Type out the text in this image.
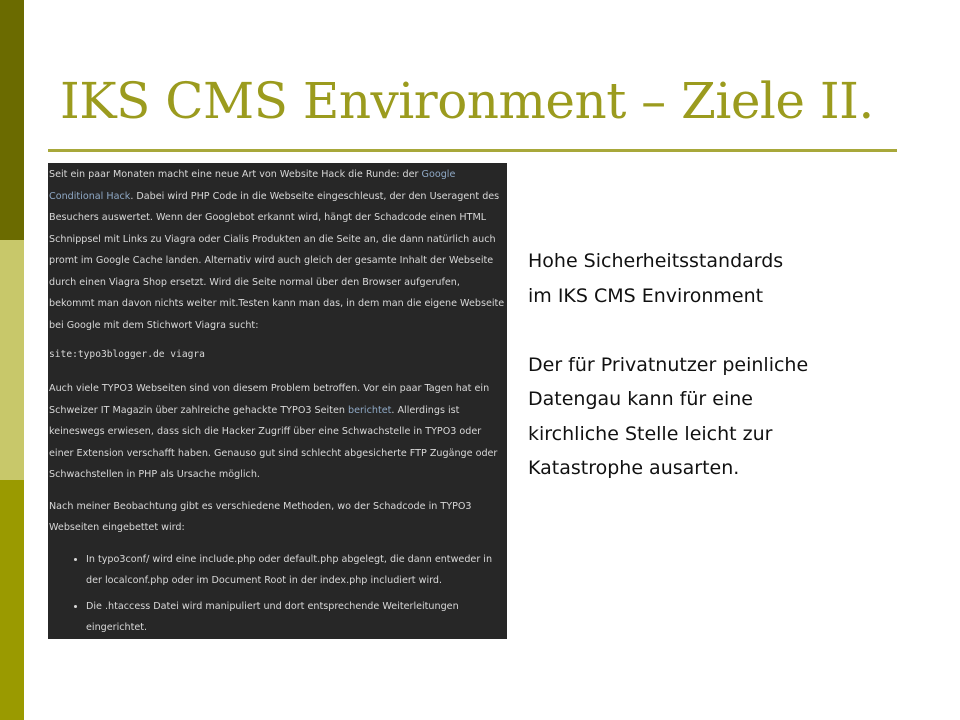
IKS CMS Environment – Ziele II.

Seit ein paar Monaten macht eine neue Art von Website Hack die Runde: der Google Conditional Hack. Dabei wird PHP Code in die Webseite eingeschleust, der den Useragent des Besuchers auswertet. Wenn der Googlebot erkannt wird, hängt der Schadcode einen HTML Schnippsel mit Links zu Viagra oder Cialis Produkten an die Seite an, die dann natürlich auch promt im Google Cache landen. Alternativ wird auch gleich der gesamte Inhalt der Webseite durch einen Viagra Shop ersetzt. Wird die Seite normal über den Browser aufgerufen, bekommt man davon nichts weiter mit.Testen kann man das, in dem man die eigene Webseite bei Google mit dem Stichwort Viagra sucht:

site:typo3blogger.de viagra

Auch viele TYPO3 Webseiten sind von diesem Problem betroffen. Vor ein paar Tagen hat ein Schweizer IT Magazin über zahlreiche gehackte TYPO3 Seiten berichtet. Allerdings ist keineswegs erwiesen, dass sich die Hacker Zugriff über eine Schwachstelle in TYPO3 oder einer Extension verschafft haben. Genauso gut sind schlecht abgesicherte FTP Zugänge oder Schwachstellen in PHP als Ursache möglich.

Nach meiner Beobachtung gibt es verschiedene Methoden, wo der Schadcode in TYPO3 Webseiten eingebettet wird:

• In typo3conf/ wird eine include.php oder default.php abgelegt, die dann entweder in der localconf.php oder im Document Root in der index.php includiert wird.
• Die .htaccess Datei wird manipuliert und dort entsprechende Weiterleitungen eingerichtet.
Hohe Sicherheitsstandards
im IKS CMS Environment
Der für Privatnutzer peinliche
Datengau kann für eine
kirchliche Stelle leicht zur
Katastrophe ausarten.
